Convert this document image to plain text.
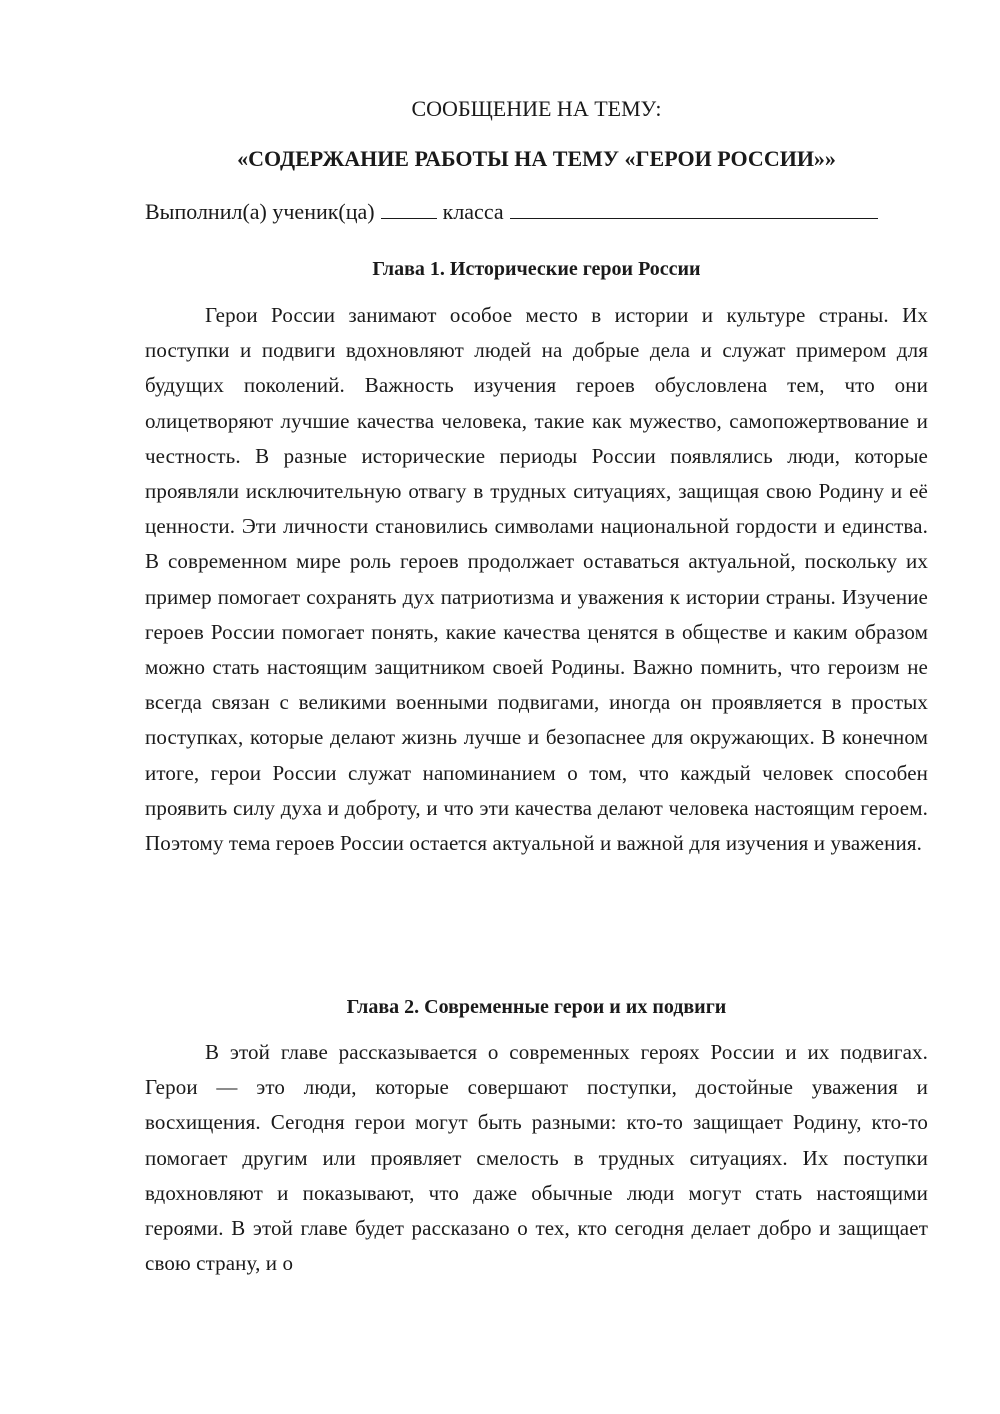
СООБЩЕНИЕ НА ТЕМУ:
«СОДЕРЖАНИЕ РАБОТЫ НА ТЕМУ «ГЕРОИ РОССИИ»»
Выполнил(а) ученик(ца)	класса
Глава 1. Исторические герои России

Герои России занимают особое место в истории и культуре страны. Их поступки и подвиги вдохновляют людей на добрые дела и служат примером для будущих поколений. Важность изучения героев обусловлена тем, что они олицетворяют лучшие качества человека, такие как мужество, самопожертвование и честность. В разные исторические периоды России появлялись люди, которые проявляли исключительную отвагу в трудных ситуациях, защищая свою Родину и её ценности. Эти личности становились символами национальной гордости и единства. В современном мире роль героев продолжает оставаться актуальной, поскольку их пример помогает сохранять дух патриотизма и уважения к истории страны. Изучение героев России помогает понять, какие качества ценятся в обществе и каким образом можно стать настоящим защитником своей Родины. Важно помнить, что героизм не всегда связан с великими военными подвигами, иногда он проявляется в простых поступках, которые делают жизнь лучше и безопаснее для окружающих. В конечном итоге, герои России служат напоминанием о том, что каждый человек способен проявить силу духа и доброту, и что эти качества делают человека настоящим героем. Поэтому тема героев России остается актуальной и важной для изучения и уважения.

Глава 2. Современные герои и их подвиги

В этой главе рассказывается о современных героях России и их подвигах. Герои — это люди, которые совершают поступки, достойные уважения и восхищения. Сегодня герои могут быть разными: кто-то защищает Родину, кто-то помогает другим или проявляет смелость в трудных ситуациях. Их поступки вдохновляют и показывают, что даже обычные люди могут стать настоящими героями. В этой главе будет рассказано о тех, кто сегодня делает добро и защищает свою страну, и о
